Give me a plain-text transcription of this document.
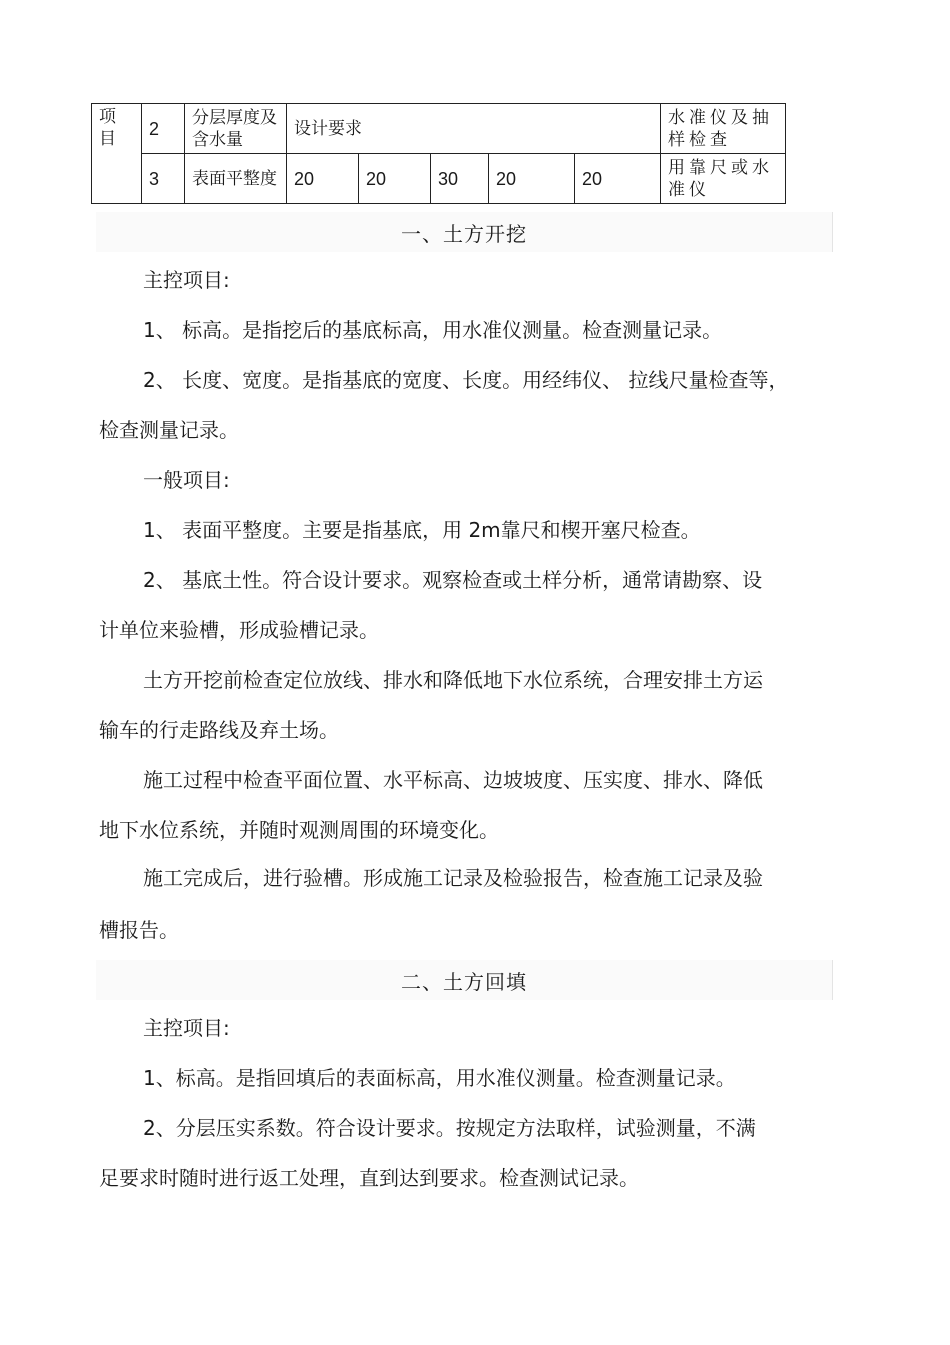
项 目	2	分层厚度及含水量	设计要求					水准仪及抽样检查
	3	表面平整度	20	20	30	20	20	用靠尺或水准仪
一、土方开挖
主控项目:
1、 标高。是指挖后的基底标高，用水准仪测量。检查测量记录。
2、 长度、宽度。是指基底的宽度、长度。用经纬仪、 拉线尺量检查等，
检查测量记录。
一般项目:
1、 表面平整度。主要是指基底，用 2m靠尺和楔开塞尺检查。
2、 基底土性。符合设计要求。观察检查或土样分析，通常请勘察、设
计单位来验槽，形成验槽记录。
土方开挖前检查定位放线、排水和降低地下水位系统，合理安排土方运
输车的行走路线及弃土场。
施工过程中检查平面位置、水平标高、边坡坡度、压实度、排水、降低
地下水位系统，并随时观测周围的环境变化。
施工完成后，进行验槽。形成施工记录及检验报告，检查施工记录及验
槽报告。
二、土方回填
主控项目:
1、标高。是指回填后的表面标高，用水准仪测量。检查测量记录。
2、分层压实系数。符合设计要求。按规定方法取样，试验测量，不满
足要求时随时进行返工处理，直到达到要求。检查测试记录。
